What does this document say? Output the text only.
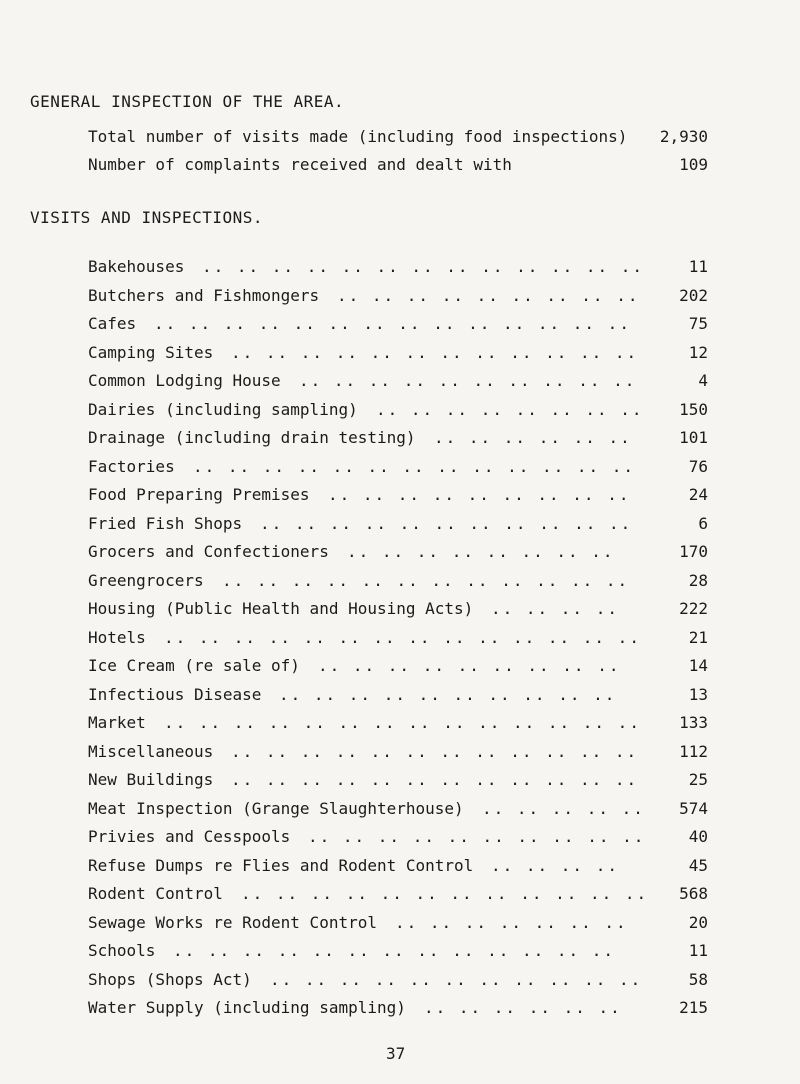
GENERAL INSPECTION OF THE AREA.
Total number of visits made (including food inspections) 2,930
Number of complaints received and dealt with	109
VISITS AND INSPECTIONS.
Bakehouses .. .. .. .. .. .. .. .. .. .. .. .. ..	11
Butchers and Fishmongers .. .. .. .. .. .. .. .. .. 202
Cafes .. .. .. .. .. .. .. .. .. .. .. .. .. ..	75
Camping Sites .. .. .. .. .. .. .. .. .. .. .. ..	12
Common Lodging House .. .. .. .. .. .. .. .. .. ..	4
Dairies (including sampling) .. .. .. .. .. .. .. .. 150
Drainage (including drain testing) .. .. .. .. .. ..	101
Factories .. .. .. .. .. .. .. .. .. .. .. .. ..	76
Food Preparing Premises .. .. .. .. .. .. .. .. ..	24
Fried Fish Shops .. .. .. .. .. .. .. .. .. .. ..	6
Grocers and Confectioners .. .. .. .. .. .. .. ..	170
Greengrocers .. .. .. .. .. .. .. .. .. .. .. ..	28
Housing (Public Health and Housing Acts) .. .. .. ..	222
Hotels .. .. .. .. .. .. .. .. .. .. .. .. .. ..	21
Ice Cream (re sale of) .. .. .. .. .. .. .. .. ..	14
Infectious Disease .. .. .. .. .. .. .. .. .. ..	13
Market .. .. .. .. .. .. .. .. .. .. .. .. .. .. 133
Miscellaneous .. .. .. .. .. .. .. .. .. .. .. ..	112
New Buildings .. .. .. .. .. .. .. .. .. .. .. ..	25
Meat Inspection (Grange Slaughterhouse) .. .. .. .. .. 574
Privies and Cesspools .. .. .. .. .. .. .. .. .. ..	40
Refuse Dumps re Flies and Rodent Control .. .. .. ..	45
Rodent Control .. .. .. .. .. .. .. .. .. .. .. .. 568
Sewage Works re Rodent Control .. .. .. .. .. .. ..	20
Schools .. .. .. .. .. .. .. .. .. .. .. .. ..	11
Shops (Shops Act) .. .. .. .. .. .. .. .. .. .. ..	58
Water Supply (including sampling) .. .. .. .. .. ..	215
37
